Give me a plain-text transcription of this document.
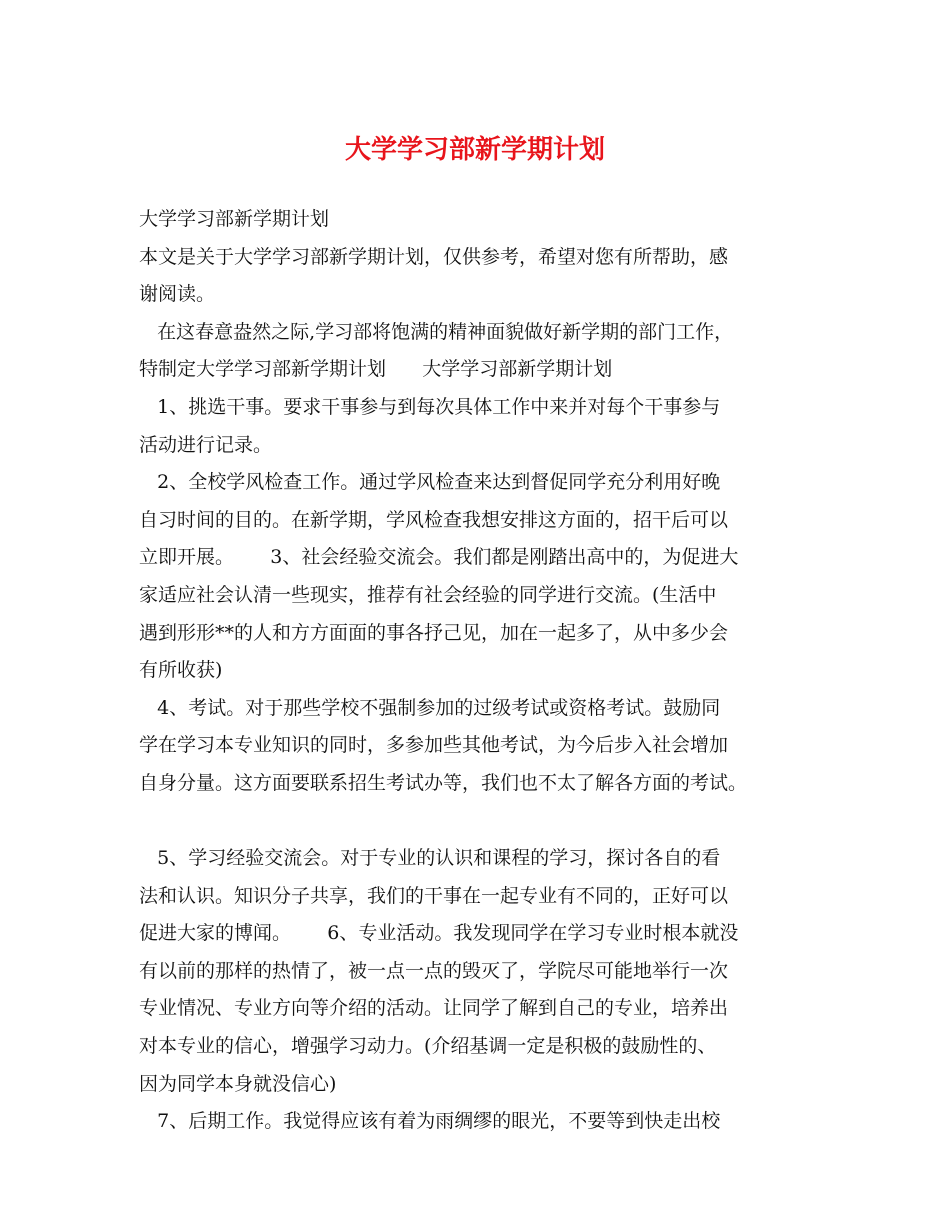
大学学习部新学期计划
大学学习部新学期计划
本文是关于大学学习部新学期计划，仅供参考，希望对您有所帮助，感
谢阅读。
在这春意盎然之际,学习部将饱满的精神面貌做好新学期的部门工作，
特制定大学学习部新学期计划      大学学习部新学期计划
1、挑选干事。要求干事参与到每次具体工作中来并对每个干事参与
活动进行记录。
2、全校学风检查工作。通过学风检查来达到督促同学充分利用好晚
自习时间的目的。在新学期，学风检查我想安排这方面的，招干后可以
立即开展。      3、社会经验交流会。我们都是刚踏出高中的，为促进大
家适应社会认清一些现实，推荐有社会经验的同学进行交流。(生活中
遇到形形**的人和方方面面的事各抒己见，加在一起多了，从中多少会
有所收获)
4、考试。对于那些学校不强制参加的过级考试或资格考试。鼓励同
学在学习本专业知识的同时，多参加些其他考试，为今后步入社会增加
自身分量。这方面要联系招生考试办等，我们也不太了解各方面的考试。
5、学习经验交流会。对于专业的认识和课程的学习，探讨各自的看
法和认识。知识分子共享，我们的干事在一起专业有不同的，正好可以
促进大家的博闻。      6、专业活动。我发现同学在学习专业时根本就没
有以前的那样的热情了，被一点一点的毁灭了，学院尽可能地举行一次
专业情况、专业方向等介绍的活动。让同学了解到自己的专业，培养出
对本专业的信心，增强学习动力。(介绍基调一定是积极的鼓励性的、
因为同学本身就没信心)
7、后期工作。我觉得应该有着为雨绸缪的眼光，不要等到快走出校
